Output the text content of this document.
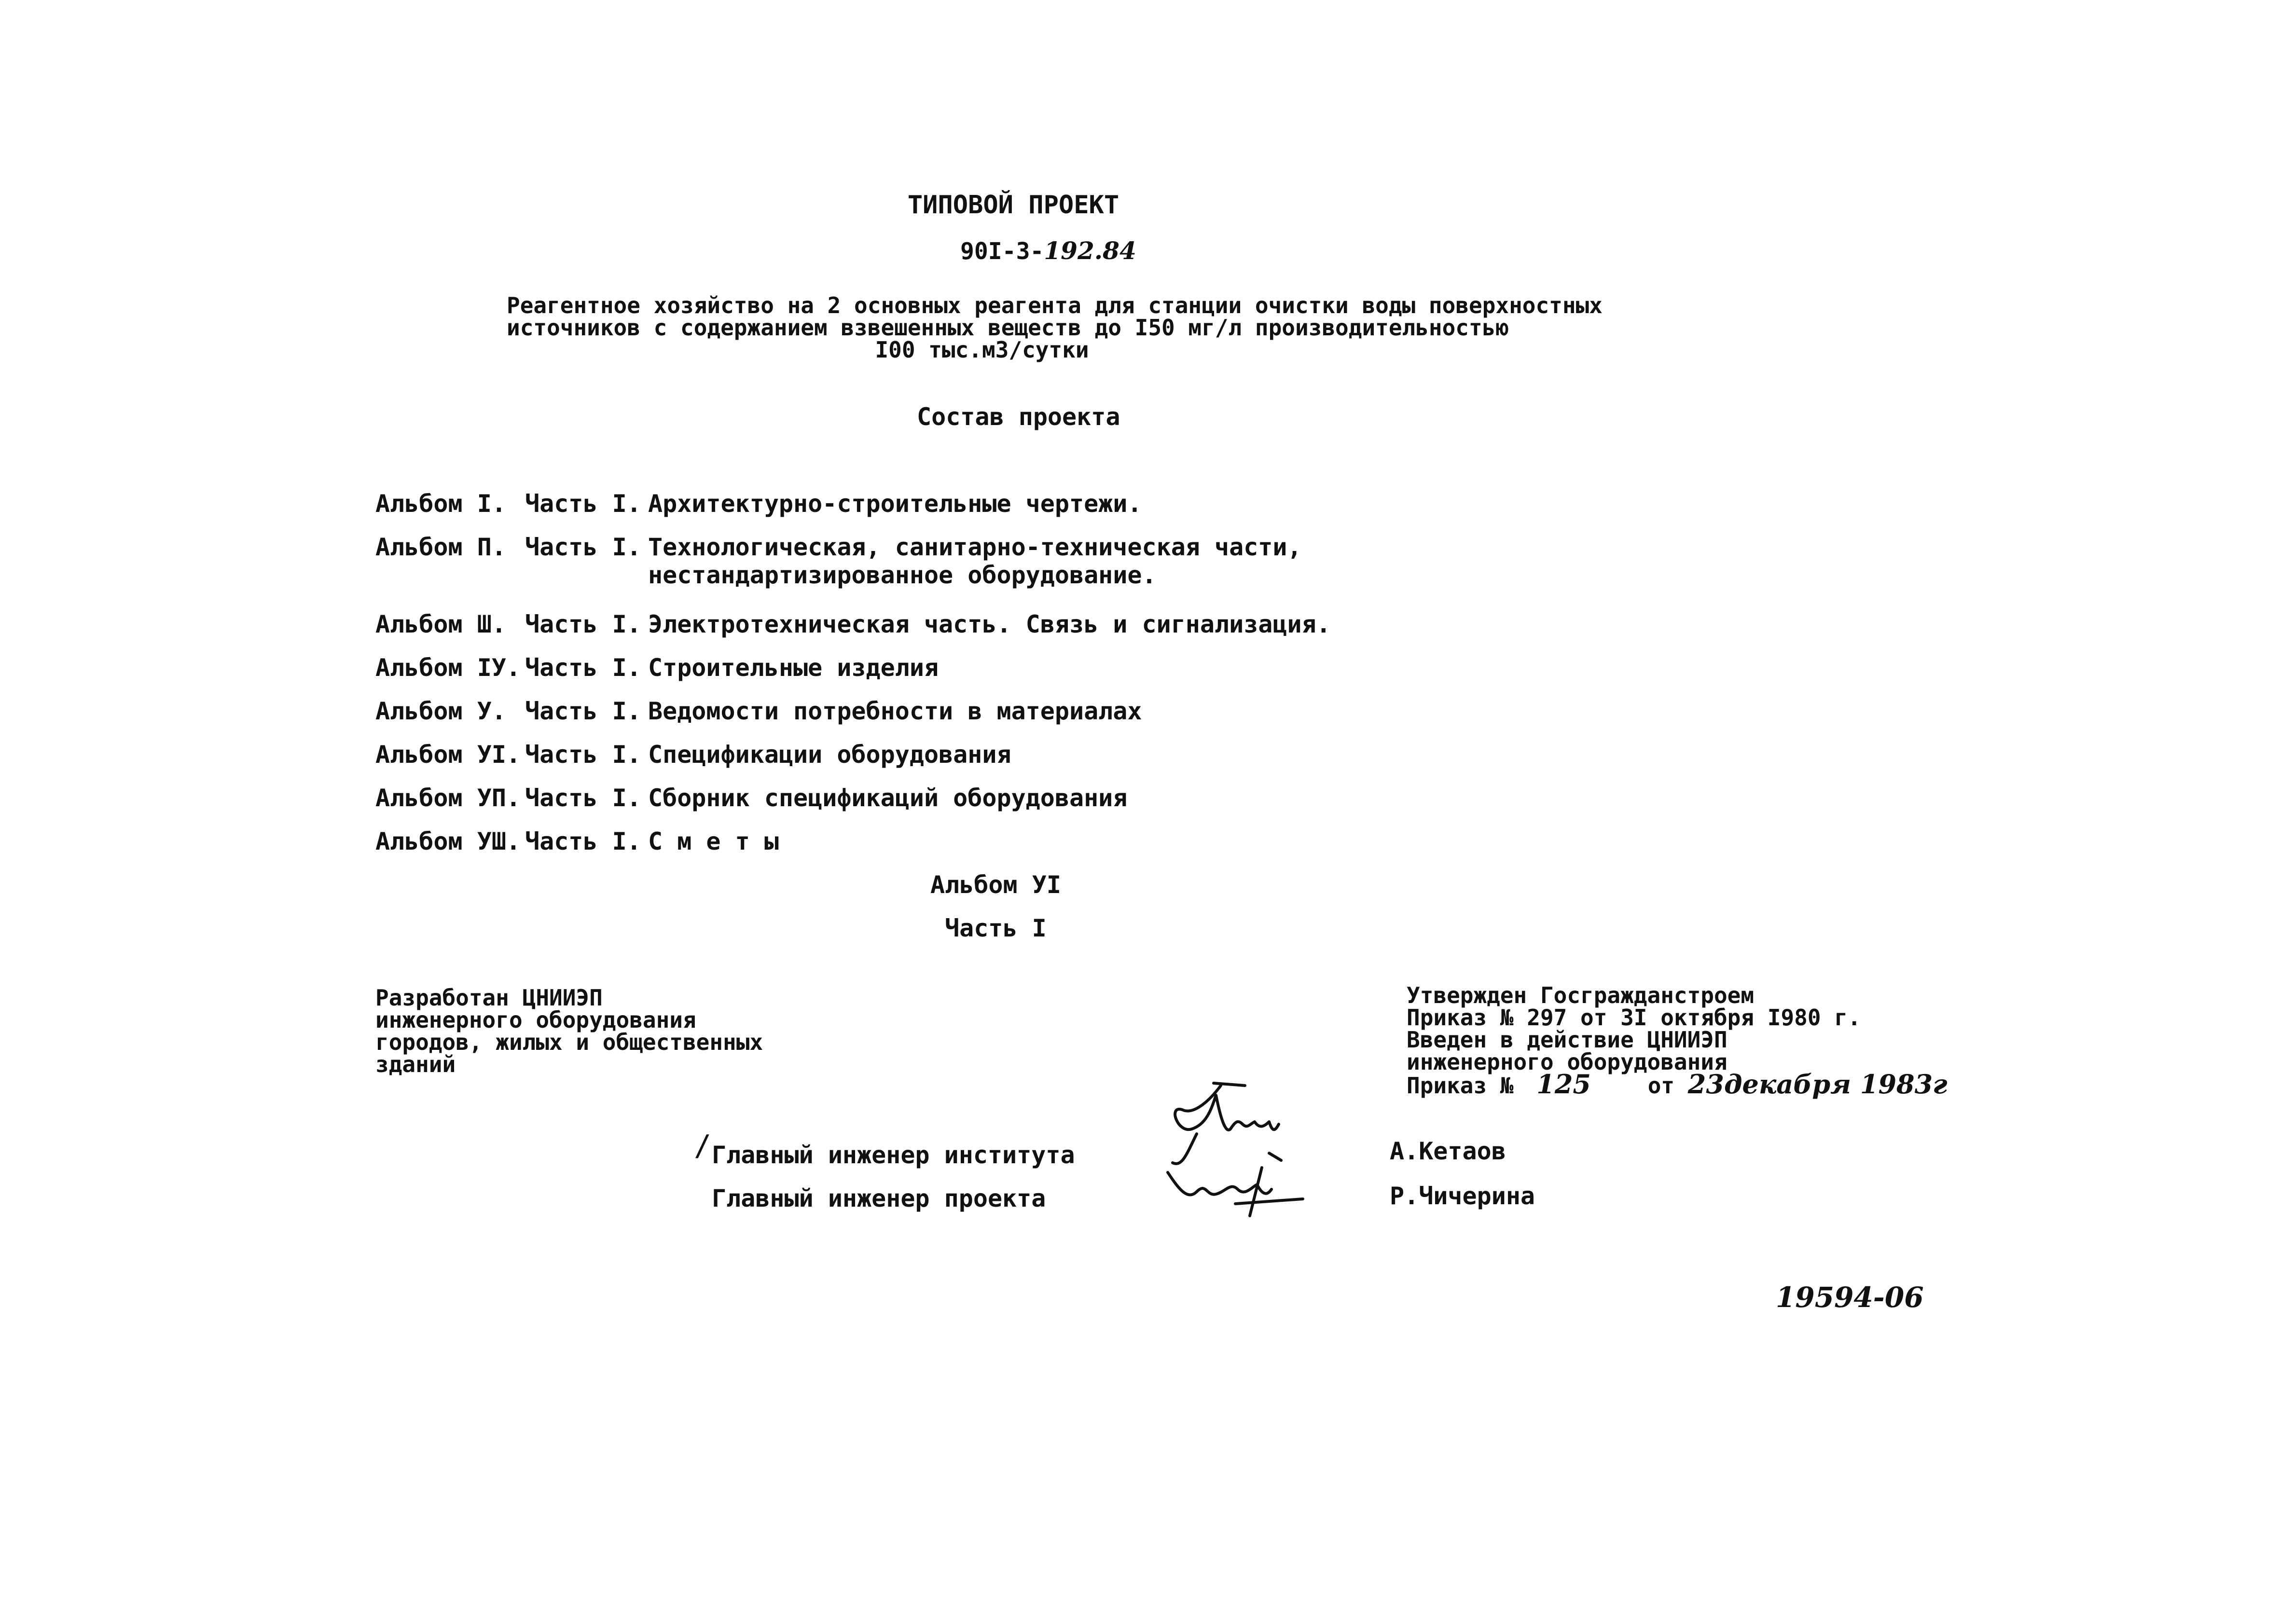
ТИПОВОЙ ПРОЕКТ
90I-3-192.84
Реагентное хозяйство на 2 основных реагента для станции очистки воды поверхностных
источников с содержанием взвешенных веществ до I50 мг/л производительностью
I00 тыс.м3/сутки
Состав проекта
Альбом I. Часть I. Архитектурно-строительные чертежи.
Альбом П. Часть I. Технологическая, санитарно-техническая части,
нестандартизированное оборудование.
Альбом Ш. Часть I. Электротехническая часть. Связь и сигнализация.
Альбом IУ. Часть I. Строительные изделия
Альбом У. Часть I. Ведомости потребности в материалах
Альбом УI. Часть I. Спецификации оборудования
Альбом УП. Часть I. Сборник спецификаций оборудования
Альбом УШ. Часть I. С м е т ы
Альбом УI
Часть I
Разработан ЦНИИЭП
инженерного оборудования
городов, жилых и общественных
зданий
Утвержден Госгражданстроем
Приказ № 297 от 3I октября I980 г.
Введен в действие ЦНИИЭП
инженерного оборудования
Приказ № 125	от 23декабря 1983г
/ Главный инженер института	А.Кетаов
Главный инженер проекта	Р.Чичерина
19594-06
